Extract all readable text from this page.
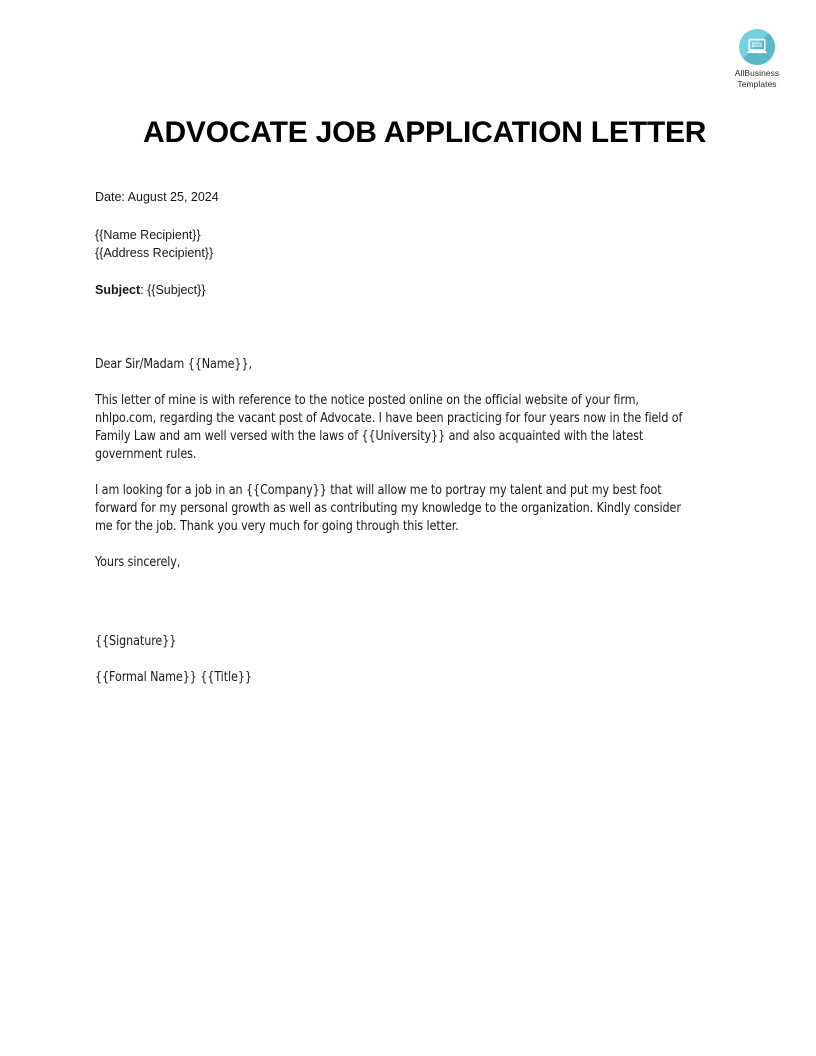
AllBusiness
Templates
ADVOCATE JOB APPLICATION LETTER
Date: August 25, 2024
{{Name Recipient}}
{{Address Recipient}}
Subject: {{Subject}}
Dear Sir/Madam {{Name}},
This letter of mine is with reference to the notice posted online on the official website of your firm, nhlpo.com, regarding the vacant post of Advocate. I have been practicing for four years now in the field of Family Law and am well versed with the laws of {{University}} and also acquainted with the latest government rules.
I am looking for a job in an {{Company}} that will allow me to portray my talent and put my best foot forward for my personal growth as well as contributing my knowledge to the organization. Kindly consider me for the job. Thank you very much for going through this letter.
Yours sincerely,
{{Signature}}
{{Formal Name}} {{Title}}
